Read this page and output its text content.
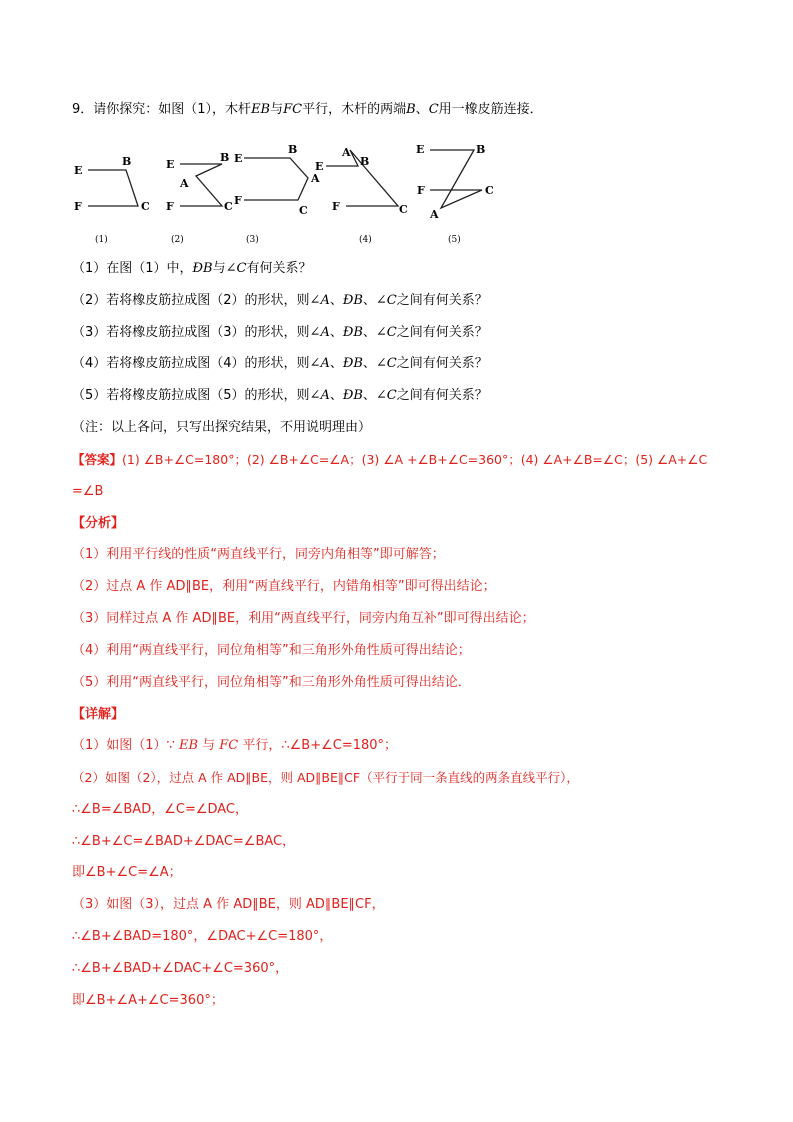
9．请你探究：如图（1），木杆EB与FC平行，木杆的两端B、C用一橡皮筋连接．
E
B
F	C
E
B
A
F	C
E
B
A
F
C
A
E	B
F	C
E	B
F	C
A
(1)	(2)	(3)	(4)	(5)
（1）在图（1）中，ÐB与∠C有何关系？
（2）若将橡皮筋拉成图（2）的形状，则∠A、ÐB、∠C之间有何关系？
（3）若将橡皮筋拉成图（3）的形状，则∠A、ÐB、∠C之间有何关系？
（4）若将橡皮筋拉成图（4）的形状，则∠A、ÐB、∠C之间有何关系？
（5）若将橡皮筋拉成图（5）的形状，则∠A、ÐB、∠C之间有何关系？
（注：以上各问，只写出探究结果，不用说明理由）
【答案】(1) ∠B+∠C=180°；(2) ∠B+∠C=∠A；(3) ∠A +∠B+∠C=360°；(4) ∠A+∠B=∠C；(5) ∠A+∠C
=∠B
【分析】
（1）利用平行线的性质“两直线平行，同旁内角相等”即可解答；
（2）过点 A 作 AD∥BE，利用“两直线平行，内错角相等”即可得出结论；
（3）同样过点 A 作 AD∥BE，利用“两直线平行，同旁内角互补”即可得出结论；
（4）利用“两直线平行，同位角相等”和三角形外角性质可得出结论；
（5）利用“两直线平行，同位角相等”和三角形外角性质可得出结论．
【详解】
（1）如图（1）∵ EB 与 FC 平行，∴∠B+∠C=180°；
（2）如图（2），过点 A 作 AD∥BE，则 AD∥BE∥CF（平行于同一条直线的两条直线平行），
∴∠B=∠BAD，∠C=∠DAC，
∴∠B+∠C=∠BAD+∠DAC=∠BAC，
即∠B+∠C=∠A；
（3）如图（3），过点 A 作 AD∥BE，则 AD∥BE∥CF，
∴∠B+∠BAD=180°，∠DAC+∠C=180°，
∴∠B+∠BAD+∠DAC+∠C=360°，
即∠B+∠A+∠C=360°；
